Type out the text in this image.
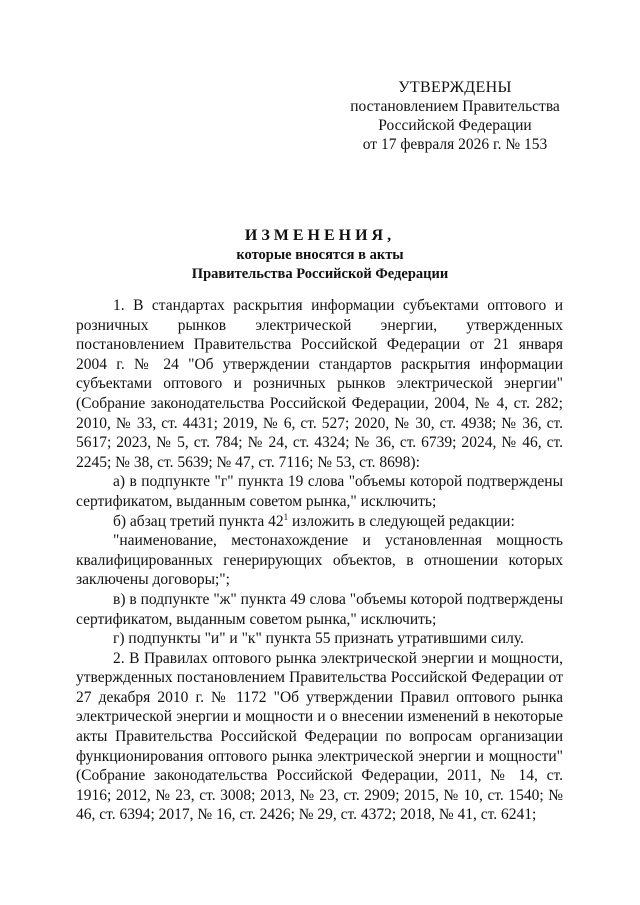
УТВЕРЖДЕНЫ
постановлением Правительства
Российской Федерации
от 17 февраля 2026 г. № 153
ИЗМЕНЕНИЯ,
которые вносятся в акты
Правительства Российской Федерации

1. В стандартах раскрытия информации субъектами оптового и розничных рынков электрической энергии, утвержденных постановлением Правительства Российской Федерации от 21 января 2004 г. № 24 "Об утверждении стандартов раскрытия информации субъектами оптового и розничных рынков электрической энергии" (Собрание законодательства Российской Федерации, 2004, № 4, ст. 282; 2010, № 33, ст. 4431; 2019, № 6, ст. 527; 2020, № 30, ст. 4938; № 36, ст. 5617; 2023, № 5, ст. 784; № 24, ст. 4324; № 36, ст. 6739; 2024, № 46, ст. 2245; № 38, ст. 5639; № 47, ст. 7116; № 53, ст. 8698):

а) в подпункте "г" пункта 19 слова "объемы которой подтверждены сертификатом, выданным советом рынка," исключить;

б) абзац третий пункта $42^1$ изложить в следующей редакции:

"наименование, местонахождение и установленная мощность квалифицированных генерирующих объектов, в отношении которых заключены договоры;";

в) в подпункте "ж" пункта 49 слова "объемы которой подтверждены сертификатом, выданным советом рынка," исключить;

г) подпункты "и" и "к" пункта 55 признать утратившими силу.

2. В Правилах оптового рынка электрической энергии и мощности, утвержденных постановлением Правительства Российской Федерации от 27 декабря 2010 г. № 1172 "Об утверждении Правил оптового рынка электрической энергии и мощности и о внесении изменений в некоторые акты Правительства Российской Федерации по вопросам организации функционирования оптового рынка электрической энергии и мощности" (Собрание законодательства Российской Федерации, 2011, № 14, ст. 1916; 2012, № 23, ст. 3008; 2013, № 23, ст. 2909; 2015, № 10, ст. 1540; № 46, ст. 6394; 2017, № 16, ст. 2426; № 29, ст. 4372; 2018, № 41, ст. 6241;
